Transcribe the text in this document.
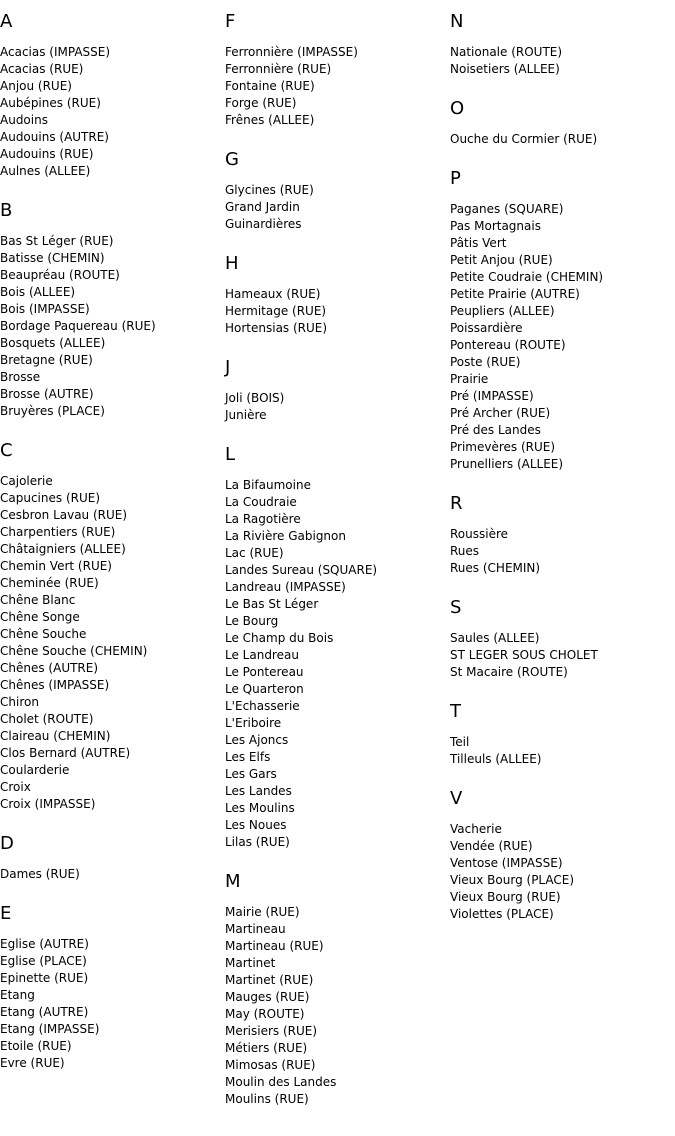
A
Acacias (IMPASSE)
Acacias (RUE)
Anjou (RUE)
Aubépines (RUE)
Audoins
Audouins (AUTRE)
Audouins (RUE)
Aulnes (ALLEE)
B
Bas St Léger (RUE)
Batisse (CHEMIN)
Beaupréau (ROUTE)
Bois (ALLEE)
Bois (IMPASSE)
Bordage Paquereau (RUE)
Bosquets (ALLEE)
Bretagne (RUE)
Brosse
Brosse (AUTRE)
Bruyères (PLACE)
C
Cajolerie
Capucines (RUE)
Cesbron Lavau (RUE)
Charpentiers (RUE)
Châtaigniers (ALLEE)
Chemin Vert (RUE)
Cheminée (RUE)
Chêne Blanc
Chêne Songe
Chêne Souche
Chêne Souche (CHEMIN)
Chênes (AUTRE)
Chênes (IMPASSE)
Chiron
Cholet (ROUTE)
Claireau (CHEMIN)
Clos Bernard (AUTRE)
Coularderie
Croix
Croix (IMPASSE)
D
Dames (RUE)
E
Eglise (AUTRE)
Eglise (PLACE)
Epinette (RUE)
Etang
Etang (AUTRE)
Etang (IMPASSE)
Etoile (RUE)
Evre (RUE)
F
Ferronnière (IMPASSE)
Ferronnière (RUE)
Fontaine (RUE)
Forge (RUE)
Frênes (ALLEE)
G
Glycines (RUE)
Grand Jardin
Guinardières
H
Hameaux (RUE)
Hermitage (RUE)
Hortensias (RUE)
J
Joli (BOIS)
Junière
L
La Bifaumoine
La Coudraie
La Ragotière
La Rivière Gabignon
Lac (RUE)
Landes Sureau (SQUARE)
Landreau (IMPASSE)
Le Bas St Léger
Le Bourg
Le Champ du Bois
Le Landreau
Le Pontereau
Le Quarteron
L'Echasserie
L'Eriboire
Les Ajoncs
Les Elfs
Les Gars
Les Landes
Les Moulins
Les Noues
Lilas (RUE)
M
Mairie (RUE)
Martineau
Martineau (RUE)
Martinet
Martinet (RUE)
Mauges (RUE)
May (ROUTE)
Merisiers (RUE)
Métiers (RUE)
Mimosas (RUE)
Moulin des Landes
Moulins (RUE)
N
Nationale (ROUTE)
Noisetiers (ALLEE)
O
Ouche du Cormier (RUE)
P
Paganes (SQUARE)
Pas Mortagnais
Pâtis Vert
Petit Anjou (RUE)
Petite Coudraie (CHEMIN)
Petite Prairie (AUTRE)
Peupliers (ALLEE)
Poissardière
Pontereau (ROUTE)
Poste (RUE)
Prairie
Pré (IMPASSE)
Pré Archer (RUE)
Pré des Landes
Primevères (RUE)
Prunelliers (ALLEE)
R
Roussière
Rues
Rues (CHEMIN)
S
Saules (ALLEE)
ST LEGER SOUS CHOLET
St Macaire (ROUTE)
T
Teil
Tilleuls (ALLEE)
V
Vacherie
Vendée (RUE)
Ventose (IMPASSE)
Vieux Bourg (PLACE)
Vieux Bourg (RUE)
Violettes (PLACE)
